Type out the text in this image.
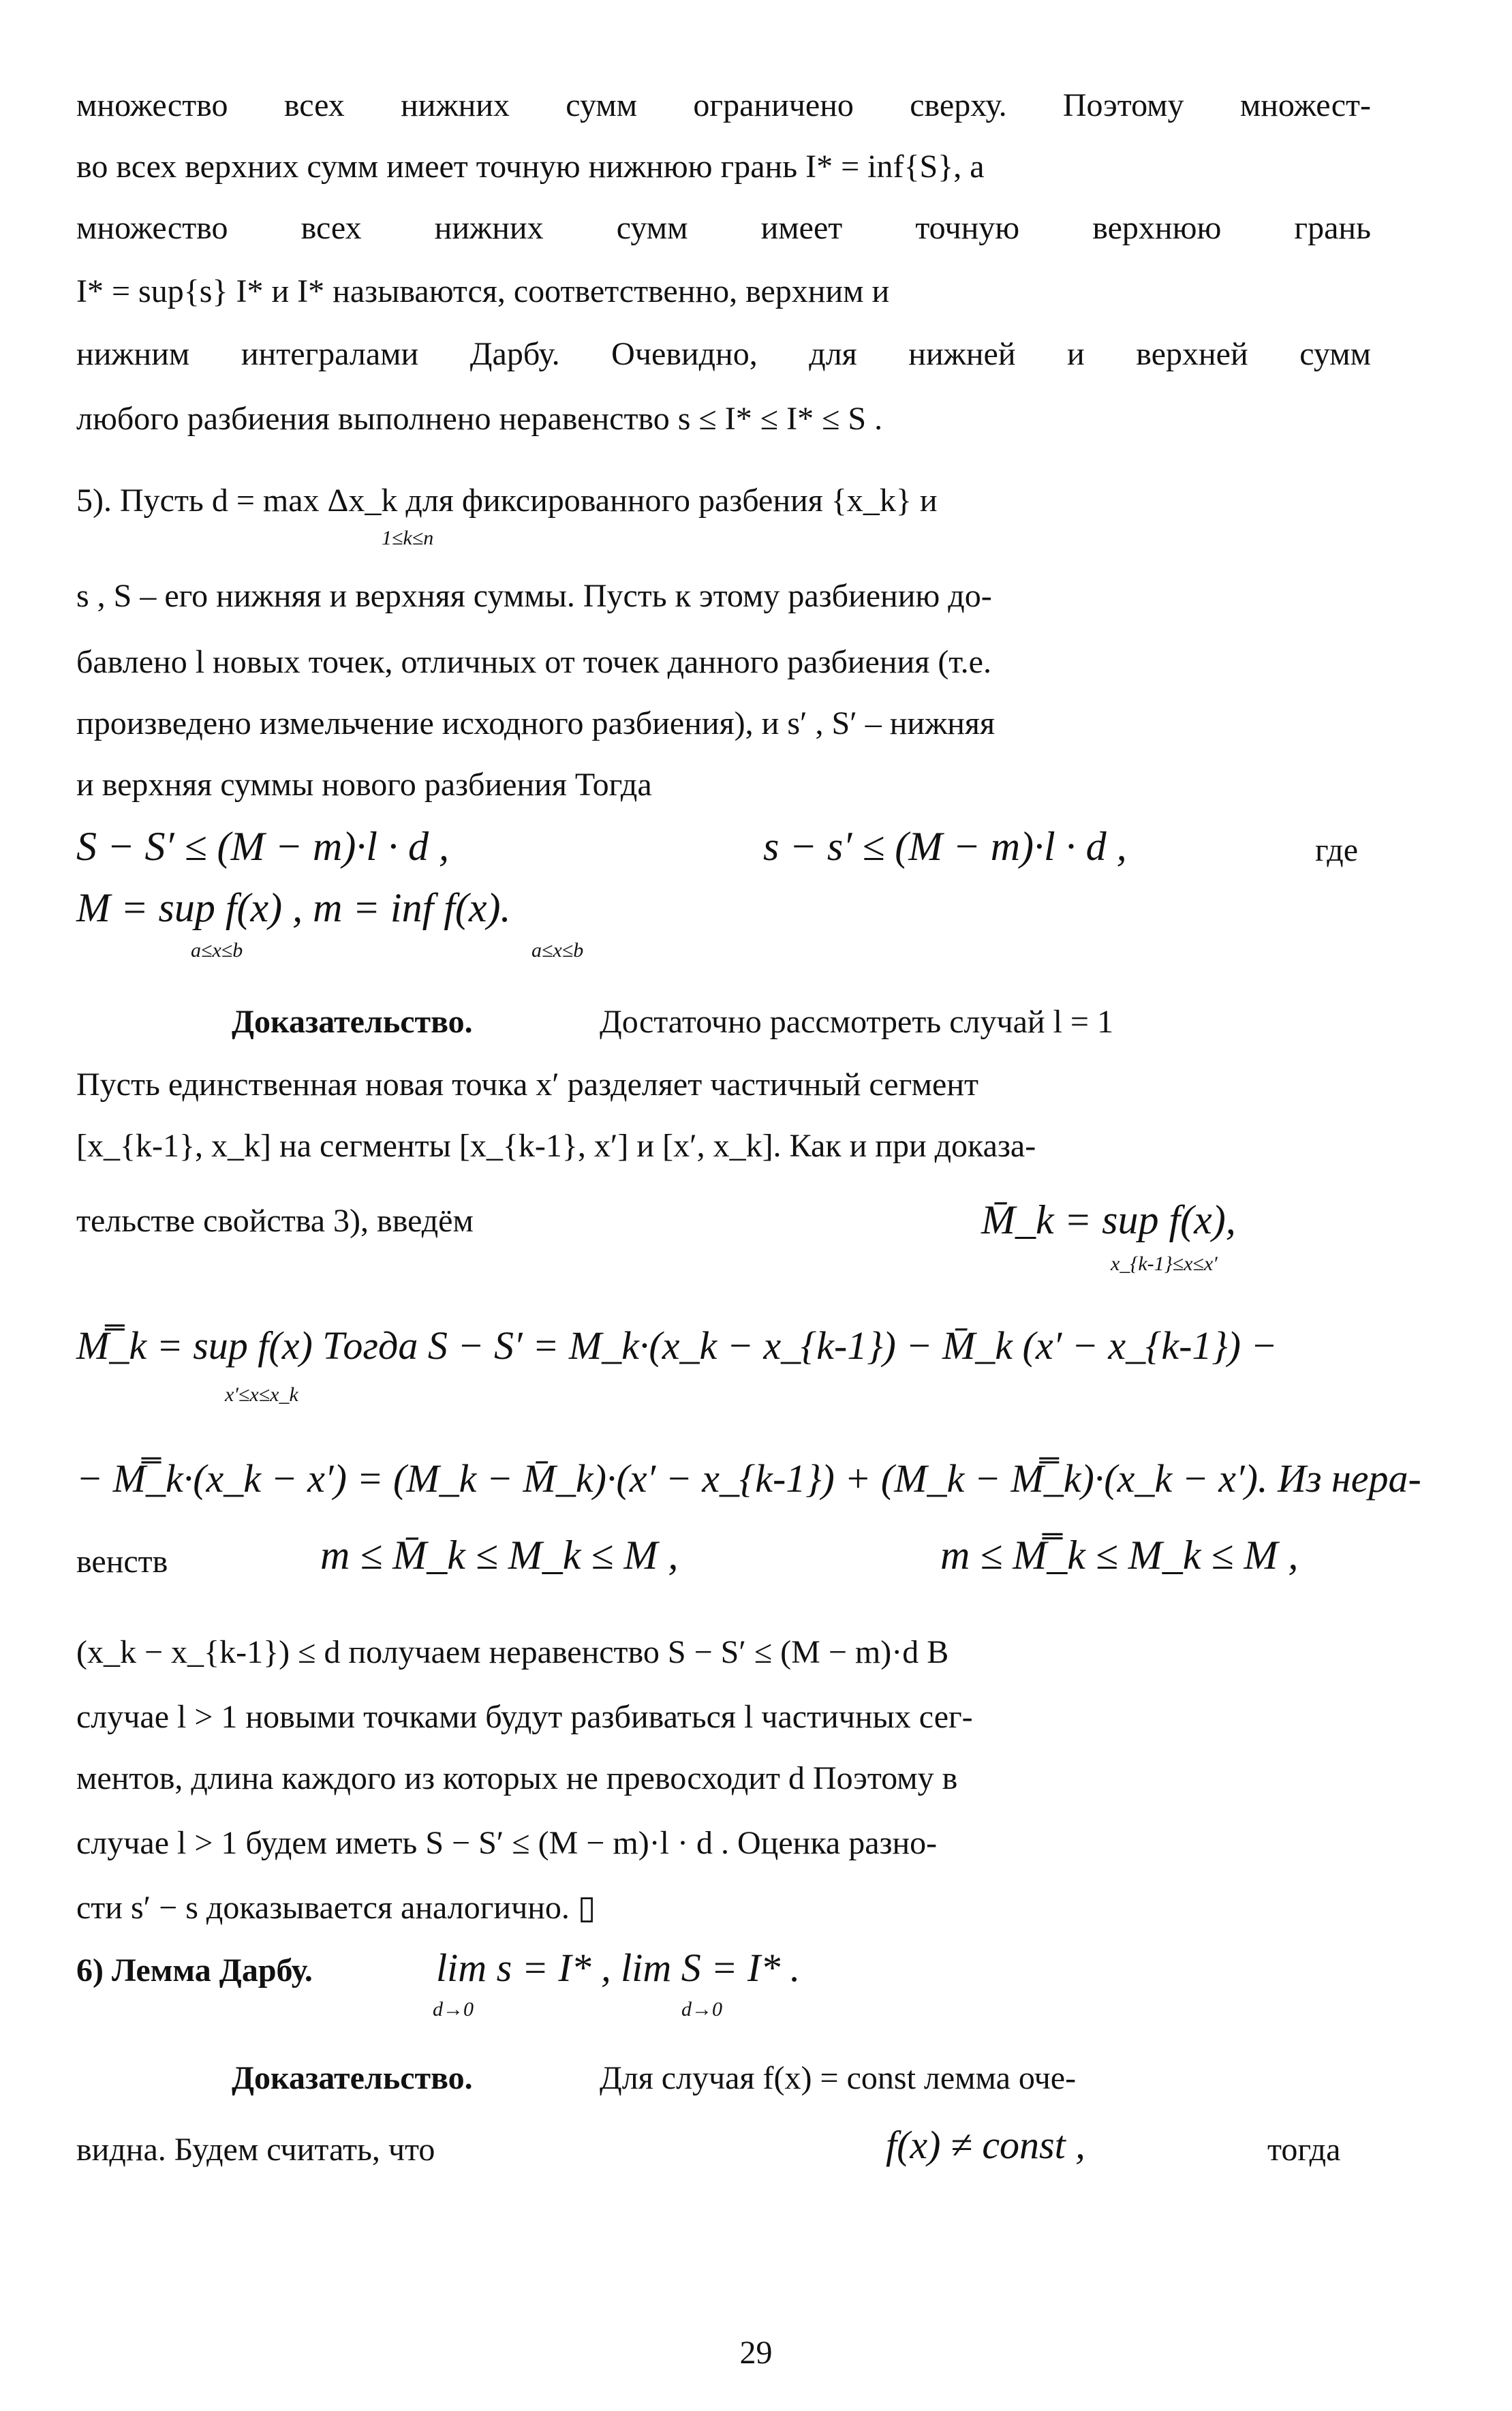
множество всех нижних сумм ограничено сверху. Поэтому множест-
во всех верхних сумм имеет точную нижнюю грань I* = inf{S}, а
множество всех нижних сумм имеет точную верхнюю грань
I* = sup{s} I* и I* называются, соответственно, верхним и
нижним интегралами Дарбу. Очевидно, для нижней и верхней сумм
любого разбиения выполнено неравенство s ≤ I* ≤ I* ≤ S .
5). Пусть d = max Δx_k для фиксированного разбения {x_k} и
1≤k≤n
s , S – его нижняя и верхняя суммы. Пусть к этому разбиению до-
бавлено l новых точек, отличных от точек данного разбиения (т.е.
произведено измельчение исходного разбиения), и s′ , S′ – нижняя
и верхняя суммы нового разбиения Тогда
S − S′ ≤ (M − m)·l · d ,	s − s′ ≤ (M − m)·l · d ,	где
M = sup f(x) , m = inf f(x).
a≤x≤b	a≤x≤b
Доказательство.	Достаточно рассмотреть случай l = 1
Пусть единственная новая точка x′ разделяет частичный сегмент
[x_{k-1}, x_k] на сегменты [x_{k-1}, x′] и [x′, x_k]. Как и при доказа-
тельстве свойства 3), введём	M̄_k = sup f(x),
x_{k-1}≤x≤x′
M̿_k = sup f(x) Тогда S − S′ = M_k·(x_k − x_{k-1}) − M̄_k (x′ − x_{k-1}) −
x′≤x≤x_k
− M̿_k·(x_k − x′) = (M_k − M̄_k)·(x′ − x_{k-1}) + (M_k − M̿_k)·(x_k − x′). Из нера-
венств	m ≤ M̄_k ≤ M_k ≤ M ,	m ≤ M̿_k ≤ M_k ≤ M ,
(x_k − x_{k-1}) ≤ d получаем неравенство S − S′ ≤ (M − m)·d В
случае l > 1 новыми точками будут разбиваться l частичных сег-
ментов, длина каждого из которых не превосходит d Поэтому в
случае l > 1 будем иметь S − S′ ≤ (M − m)·l · d . Оценка разно-
сти s′ − s доказывается аналогично. ▯
6) Лемма Дарбу.	lim s = I* , lim S = I* .
d→0	d→0
Доказательство.	Для случая f(x) = const лемма оче-
видна. Будем считать, что	f(x) ≠ const ,	тогда
29
